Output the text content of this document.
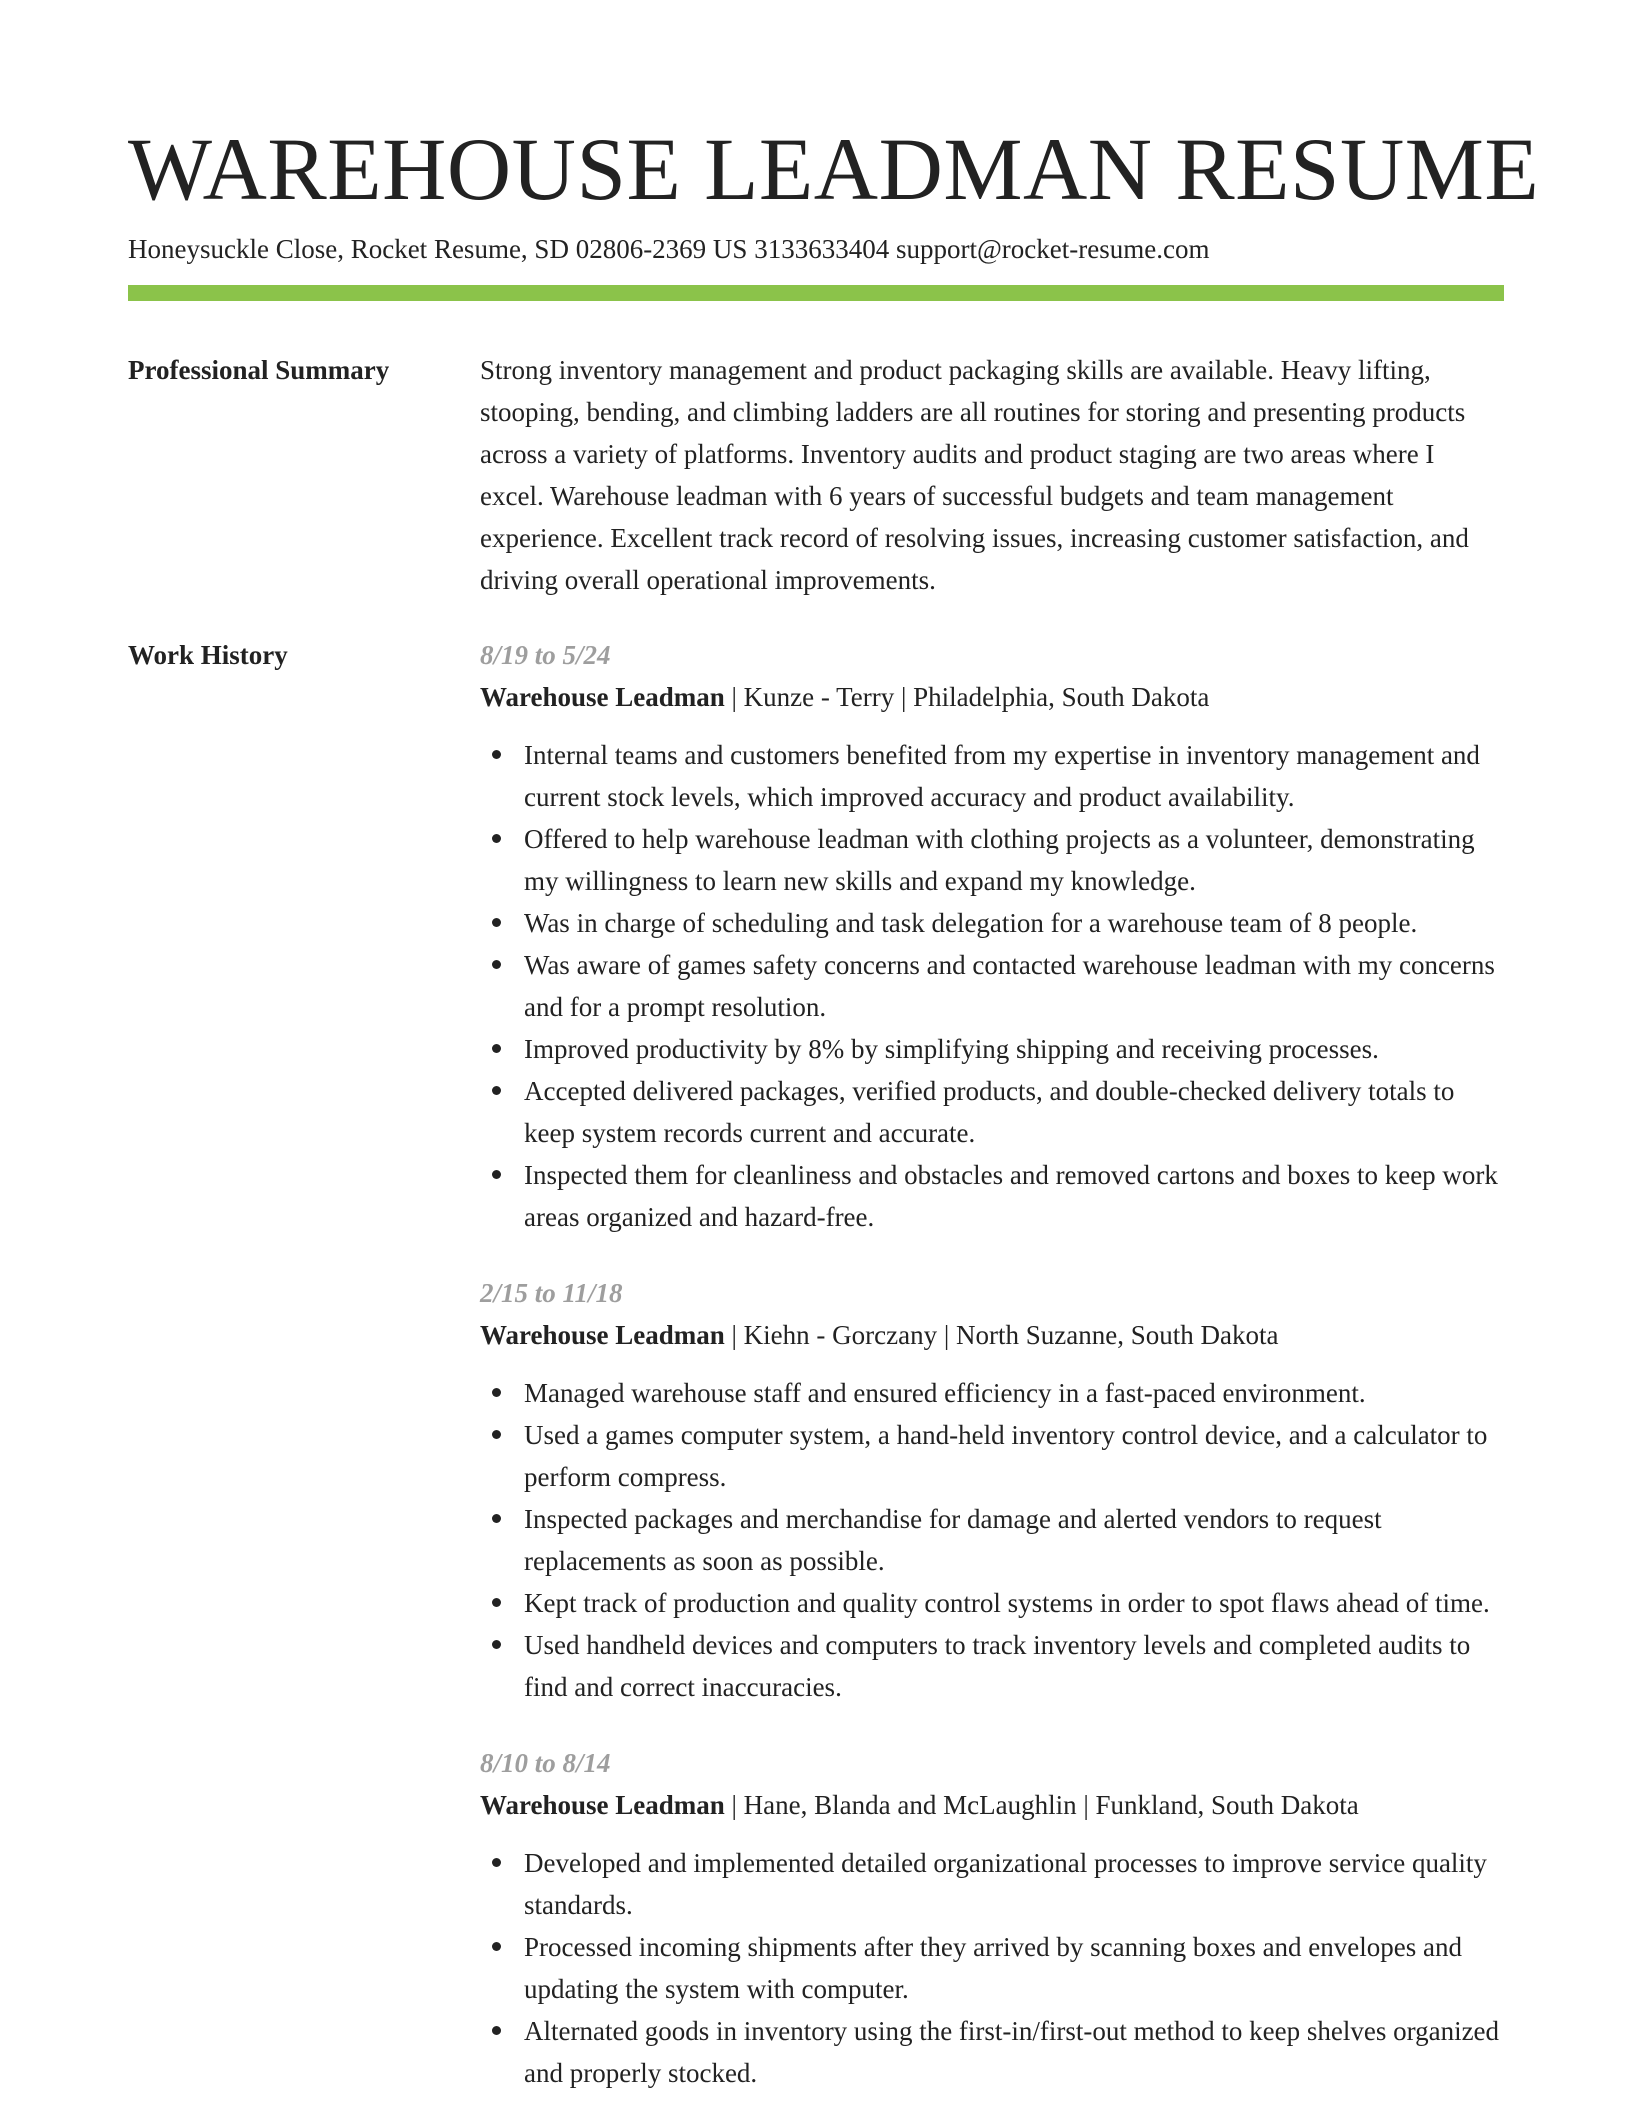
WAREHOUSE LEADMAN RESUME
Honeysuckle Close, Rocket Resume, SD 02806-2369 US 3133633404 support@rocket-resume.com
Professional Summary	Strong inventory management and product packaging skills are available. Heavy lifting, stooping, bending, and climbing ladders are all routines for storing and presenting products across a variety of platforms. Inventory audits and product staging are two areas where I excel. Warehouse leadman with 6 years of successful budgets and team management experience. Excellent track record of resolving issues, increasing customer satisfaction, and driving overall operational improvements.

Work History	8/19 to 5/24
Warehouse Leadman | Kunze - Terry | Philadelphia, South Dakota
Internal teams and customers benefited from my expertise in inventory management and current stock levels, which improved accuracy and product availability.
Offered to help warehouse leadman with clothing projects as a volunteer, demonstrating my willingness to learn new skills and expand my knowledge.
Was in charge of scheduling and task delegation for a warehouse team of 8 people.
Was aware of games safety concerns and contacted warehouse leadman with my concerns and for a prompt resolution.
Improved productivity by 8% by simplifying shipping and receiving processes.
Accepted delivered packages, verified products, and double-checked delivery totals to keep system records current and accurate.
Inspected them for cleanliness and obstacles and removed cartons and boxes to keep work areas organized and hazard-free.
2/15 to 11/18
Warehouse Leadman | Kiehn - Gorczany | North Suzanne, South Dakota
Managed warehouse staff and ensured efficiency in a fast-paced environment.
Used a games computer system, a hand-held inventory control device, and a calculator to perform compress.
Inspected packages and merchandise for damage and alerted vendors to request replacements as soon as possible.
Kept track of production and quality control systems in order to spot flaws ahead of time.
Used handheld devices and computers to track inventory levels and completed audits to find and correct inaccuracies.
8/10 to 8/14
Warehouse Leadman | Hane, Blanda and McLaughlin | Funkland, South Dakota
Developed and implemented detailed organizational processes to improve service quality standards.
Processed incoming shipments after they arrived by scanning boxes and envelopes and updating the system with computer.
Alternated goods in inventory using the first-in/first-out method to keep shelves organized and properly stocked.
